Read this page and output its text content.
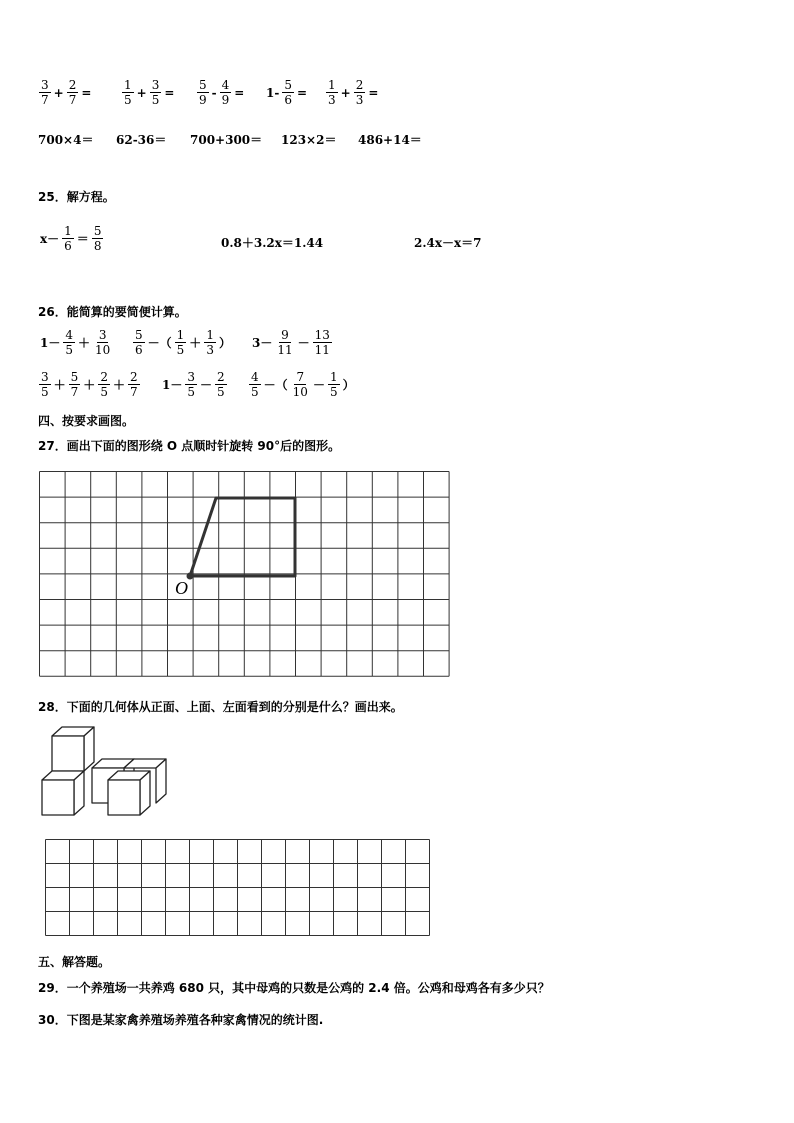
$\frac{3}{7} + \frac{2}{7}$ =	$\frac{1}{5} + \frac{3}{5} = \frac{5}{9} - \frac{4}{9} = 1- \frac{5}{6} = \frac{1}{3} + \frac{2}{3}$ =
700×4＝ 62-36＝ 700+300＝ 123×2＝ 486+14＝
25．解方程。
$x- \frac{1}{6} = \frac{5}{8}$	0.8＋3.2x＝1.44	2.4x－x＝7
26．能简算的要简便计算。
$1- \frac{4}{5} + \frac{3}{10} \frac{5}{6}$ －（ $\frac{1}{5} + \frac{1}{3}$ ） $3- \frac{9}{11} - \frac{13}{11}$
$\frac{3}{5} + \frac{5}{7} + \frac{2}{5} + \frac{2}{7} 1- \frac{3}{5} - \frac{2}{5} \frac{4}{5}$ －（ $\frac{7}{10} - \frac{1}{5}$ ）
四、按要求画图。
27．画出下面的图形绕 O 点顺时针旋转 90°后的图形。
O
28．下面的几何体从正面、上面、左面看到的分别是什么？画出来。
五、解答题。
29．一个养殖场一共养鸡 680 只，其中母鸡的只数是公鸡的 2.4 倍。公鸡和母鸡各有多少只？
30．下图是某家禽养殖场养殖各种家禽情况的统计图.
